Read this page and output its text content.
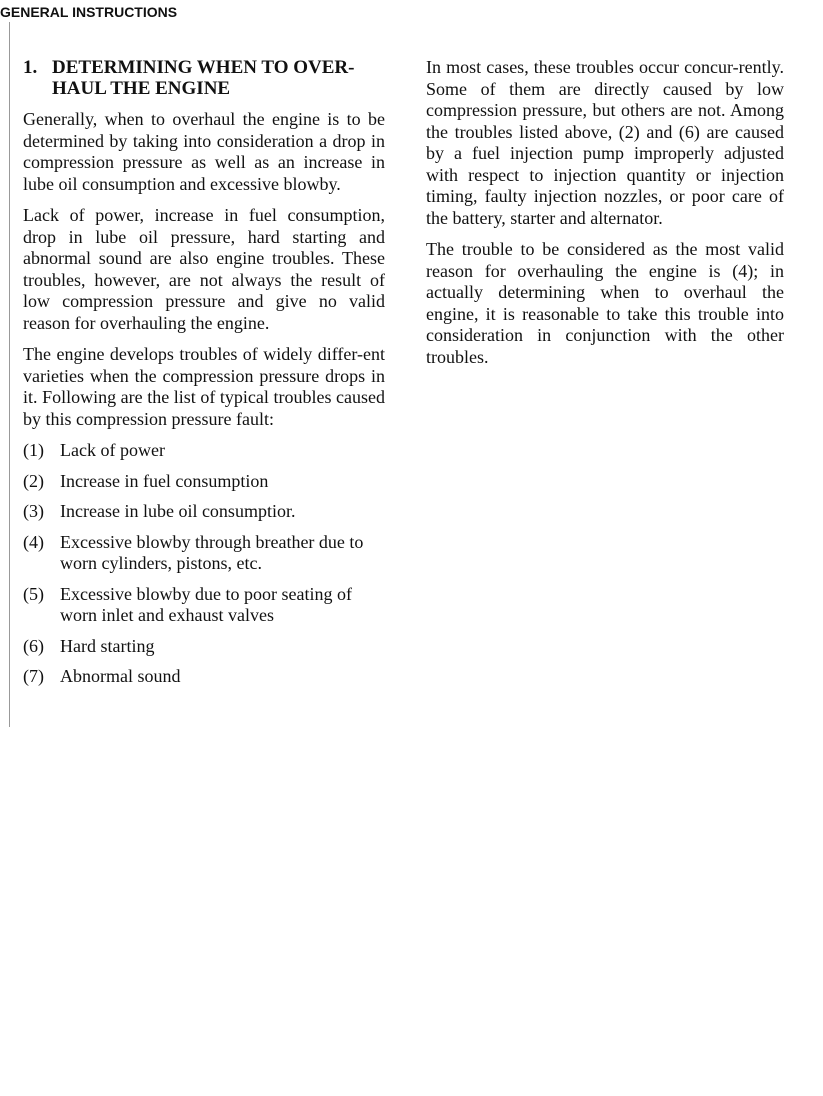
GENERAL INSTRUCTIONS
1. DETERMINING WHEN TO OVER-HAUL THE ENGINE

Generally, when to overhaul the engine is to be determined by taking into consideration a drop in compression pressure as well as an increase in lube oil consumption and excessive blowby.

Lack of power, increase in fuel consumption, drop in lube oil pressure, hard starting and abnormal sound are also engine troubles. These troubles, however, are not always the result of low compression pressure and give no valid reason for overhauling the engine.

The engine develops troubles of widely differ-ent varieties when the compression pressure drops in it. Following are the list of typical troubles caused by this compression pressure fault:

(1) Lack of power
(2) Increase in fuel consumption
(3) Increase in lube oil consumptior.
(4) Excessive blowby through breather due to worn cylinders, pistons, etc.
(5) Excessive blowby due to poor seating of worn inlet and exhaust valves
(6) Hard starting
(7) Abnormal sound

In most cases, these troubles occur concur-rently. Some of them are directly caused by low compression pressure, but others are not. Among the troubles listed above, (2) and (6) are caused by a fuel injection pump improperly adjusted with respect to injection quantity or injection timing, faulty injection nozzles, or poor care of the battery, starter and alternator.

The trouble to be considered as the most valid reason for overhauling the engine is (4); in actually determining when to overhaul the engine, it is reasonable to take this trouble into consideration in conjunction with the other troubles.
